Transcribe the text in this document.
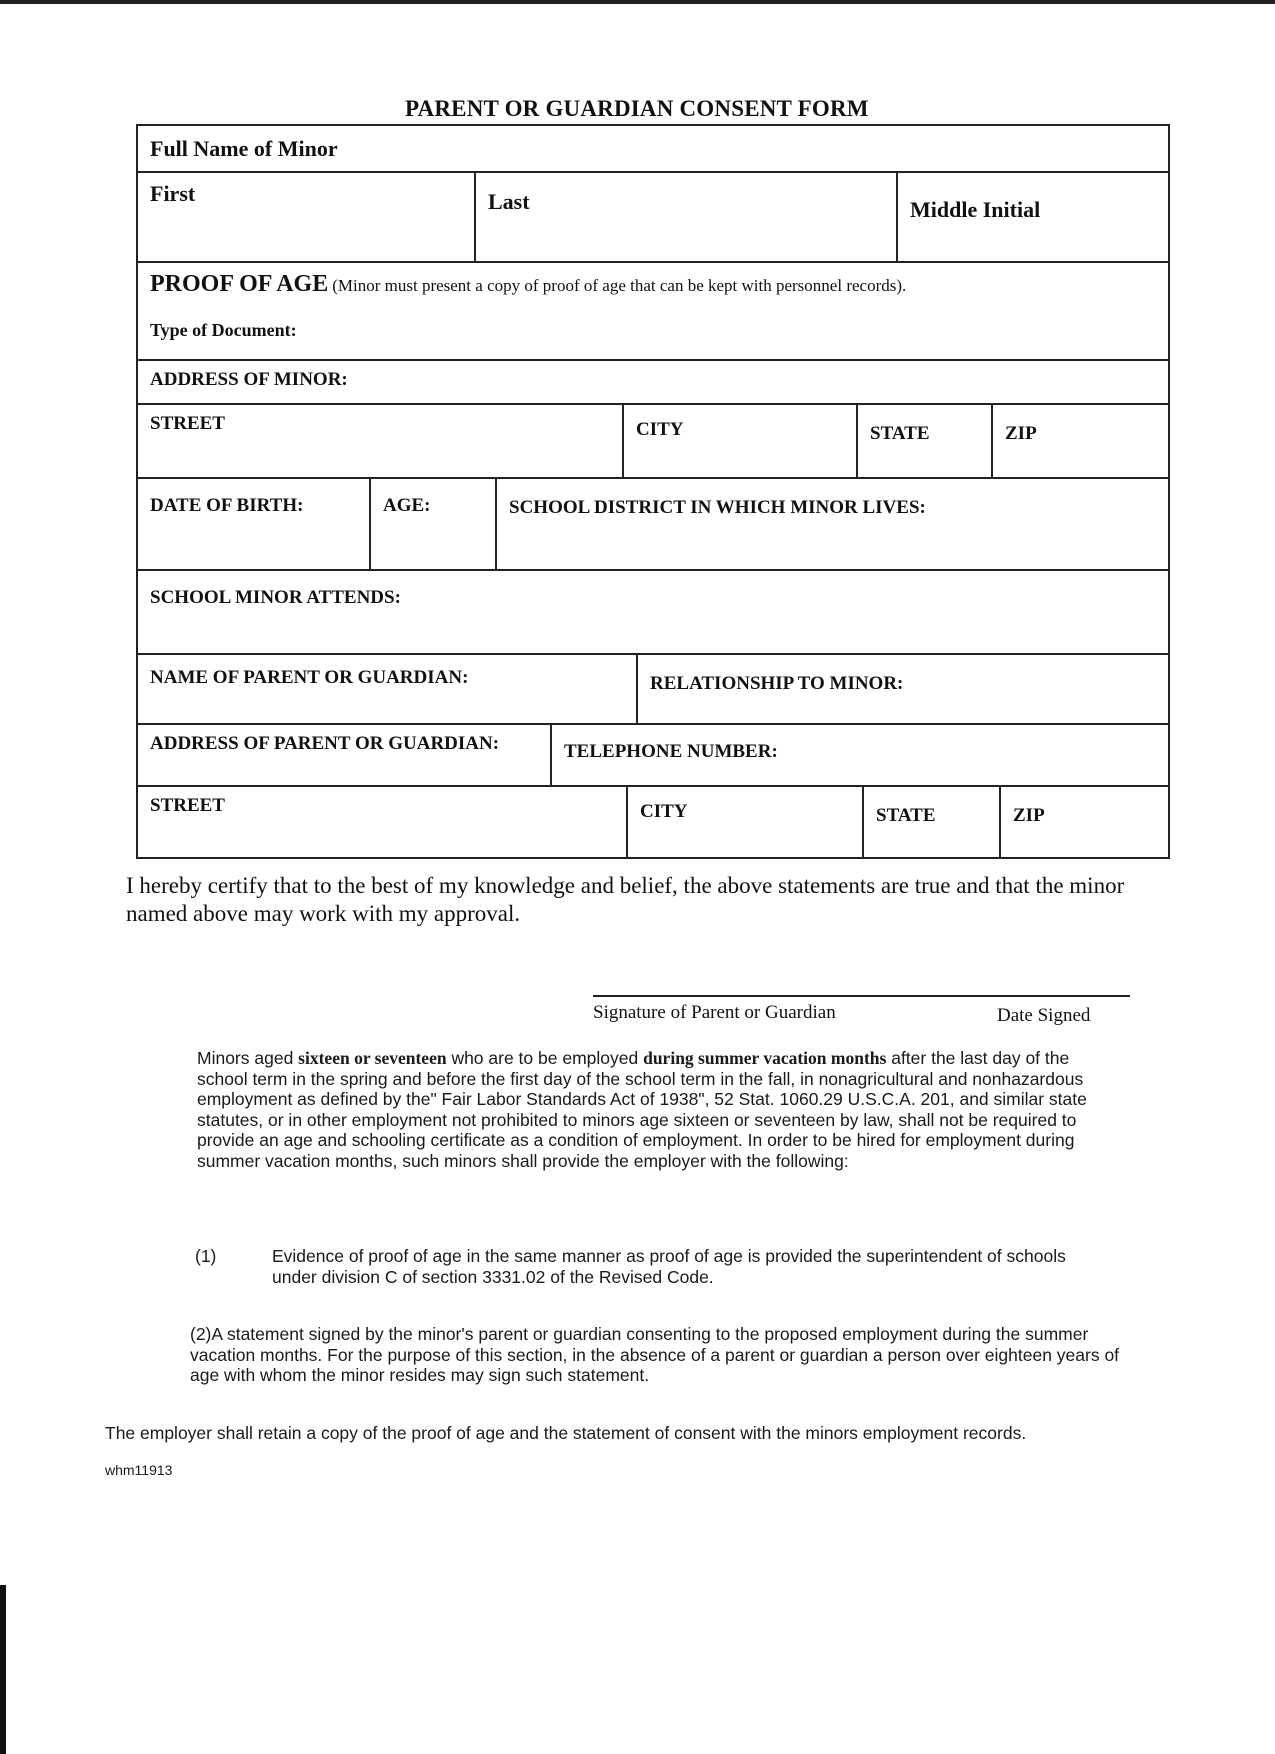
PARENT OR GUARDIAN CONSENT FORM
Full Name of Minor
First	Last	Middle Initial
PROOF OF AGE (Minor must present a copy of proof of age that can be kept with personnel records).
Type of Document:
ADDRESS OF MINOR:
STREET	CITY	STATE	ZIP
DATE OF BIRTH:	AGE:	SCHOOL DISTRICT IN WHICH MINOR LIVES:
SCHOOL MINOR ATTENDS:
NAME OF PARENT OR GUARDIAN:	RELATIONSHIP TO MINOR:
ADDRESS OF PARENT OR GUARDIAN:	TELEPHONE NUMBER:
STREET	CITY	STATE	ZIP
I hereby certify that to the best of my knowledge and belief, the above statements are true and that the minor named above may work with my approval.
Signature of Parent or Guardian	Date Signed
Minors aged sixteen or seventeen who are to be employed during summer vacation months after the last day of the school term in the spring and before the first day of the school term in the fall, in nonagricultural and nonhazardous employment as defined by the" Fair Labor Standards Act of 1938", 52 Stat. 1060.29 U.S.C.A. 201, and similar state statutes, or in other employment not prohibited to minors age sixteen or seventeen by law, shall not be required to provide an age and schooling certificate as a condition of employment. In order to be hired for employment during summer vacation months, such minors shall provide the employer with the following:
(1)	Evidence of proof of age in the same manner as proof of age is provided the superintendent of schools under division C of section 3331.02 of the Revised Code.
(2)A statement signed by the minor's parent or guardian consenting to the proposed employment during the summer vacation months. For the purpose of this section, in the absence of a parent or guardian a person over eighteen years of age with whom the minor resides may sign such statement.
The employer shall retain a copy of the proof of age and the statement of consent with the minors employment records.
whm11913
